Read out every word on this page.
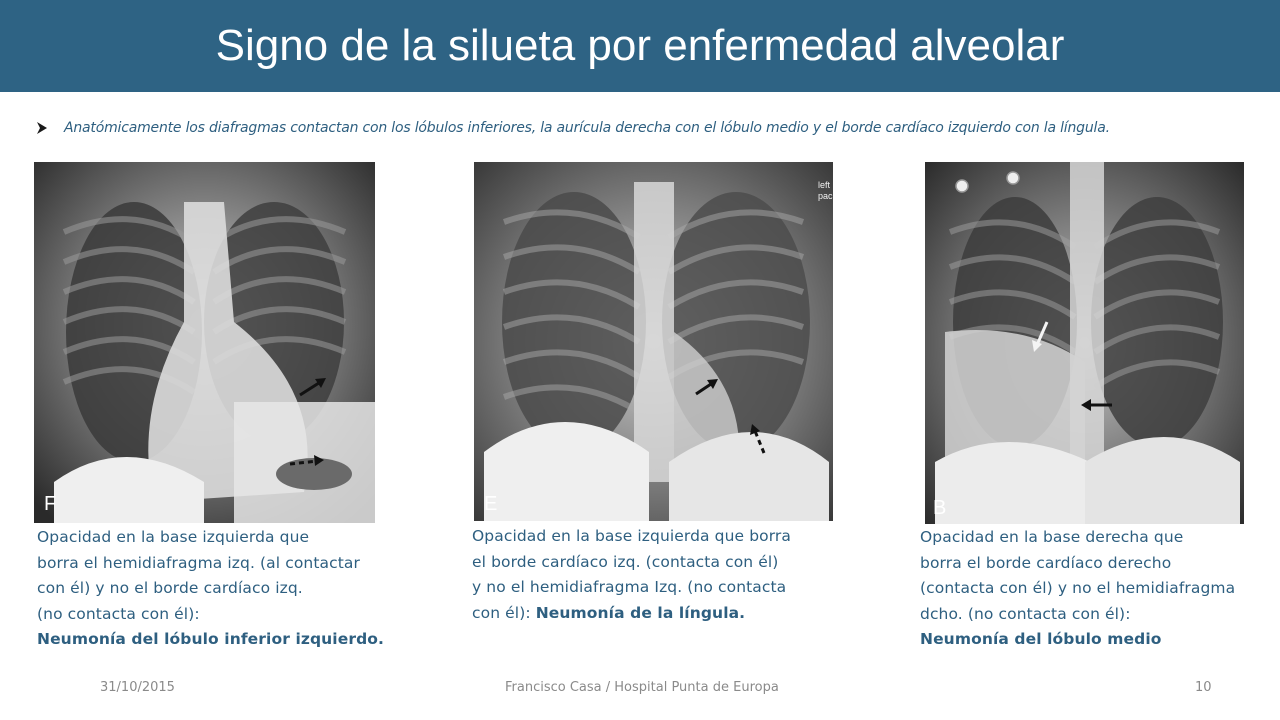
Signo de la silueta por enfermedad alveolar
Anatómicamente los diafragmas contactan con los lóbulos inferiores, la aurícula derecha con el lóbulo medio y el borde cardíaco izquierdo con la língula.
F
left
pac
E	B
Opacidad en la base izquierda que
borra el hemidiafragma izq. (al contactar
con él) y no el borde cardíaco izq.
(no contacta con él):
Neumonía del lóbulo inferior izquierdo.
Opacidad en la base izquierda que borra
el borde cardíaco izq. (contacta con él)
y no el hemidiafragma Izq. (no contacta
con él): Neumonía de la língula.
Opacidad en la base derecha que
borra el borde cardíaco derecho
(contacta con él) y no el hemidiafragma
dcho. (no contacta con él):
Neumonía del lóbulo medio
31/10/2015	Francisco Casa / Hospital Punta de Europa	10
